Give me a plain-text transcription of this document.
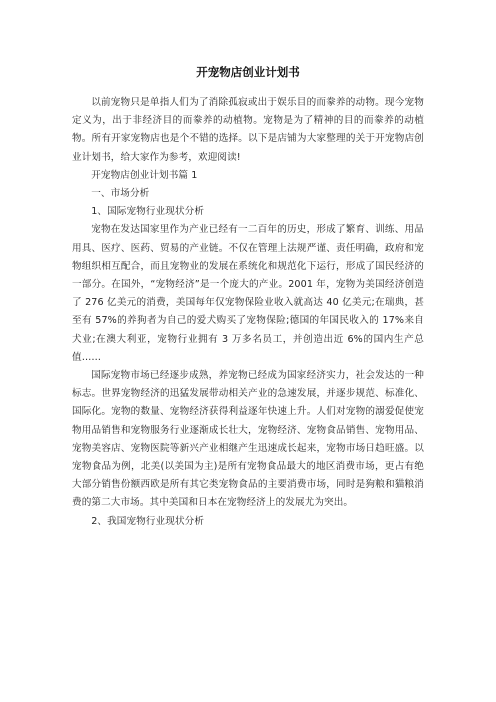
开宠物店创业计划书

以前宠物只是单指人们为了消除孤寂或出于娱乐目的而豢养的动物。现今宠物定义为，出于非经济目的而豢养的动植物。宠物是为了精神的目的而豢养的动植物。所有开家宠物店也是个不错的选择。以下是店铺为大家整理的关于开宠物店创业计划书，给大家作为参考，欢迎阅读!

开宠物店创业计划书篇 1

一、市场分析

1、国际宠物行业现状分析

宠物在发达国家里作为产业已经有一二百年的历史，形成了繁育、训练、用品用具、医疗、医药、贸易的产业链。不仅在管理上法规严谨、责任明确，政府和宠物组织相互配合，而且宠物业的发展在系统化和规范化下运行，形成了国民经济的一部分。在国外，“宠物经济”是一个庞大的产业。2001 年，宠物为美国经济创造了 276 亿美元的消费，美国每年仅宠物保险业收入就高达 40 亿美元;在瑞典，甚至有 57%的养狗者为自己的爱犬购买了宠物保险;德国的年国民收入的 17%来自犬业;在澳大利亚，宠物行业拥有 3 万多名员工，并创造出近 6%的国内生产总值……

国际宠物市场已经逐步成熟，养宠物已经成为国家经济实力，社会发达的一种标志。世界宠物经济的迅猛发展带动相关产业的急速发展，并逐步规范、标准化、国际化。宠物的数量、宠物经济获得利益逐年快速上升。人们对宠物的溺爱促使宠物用品销售和宠物服务行业逐渐成长壮大，宠物经济、宠物食品销售、宠物用品、宠物美容店、宠物医院等新兴产业相继产生迅速成长起来，宠物市场日趋旺盛。以宠物食品为例，北美(以美国为主)是所有宠物食品最大的地区消费市场，更占有绝大部分销售份额西欧是所有其它类宠物食品的主要消费市场，同时是狗粮和猫粮消费的第二大市场。其中美国和日本在宠物经济上的发展尤为突出。

2、我国宠物行业现状分析
